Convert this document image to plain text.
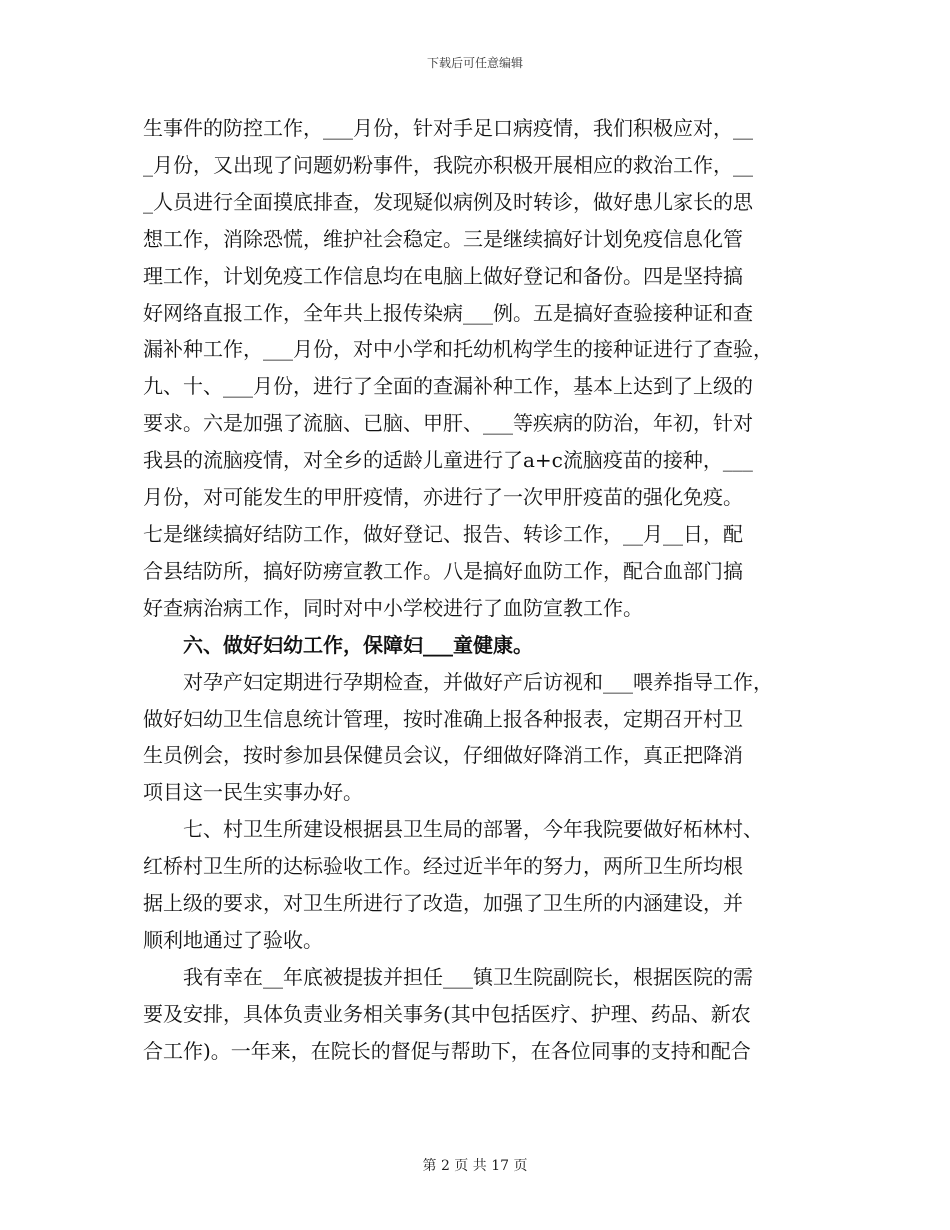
下载后可任意编辑
生事件的防控工作，___月份，针对手足口病疫情，我们积极应对，__
_月份，又出现了问题奶粉事件，我院亦积极开展相应的救治工作，__
_人员进行全面摸底排查，发现疑似病例及时转诊，做好患儿家长的思
想工作，消除恐慌，维护社会稳定。三是继续搞好计划免疫信息化管
理工作，计划免疫工作信息均在电脑上做好登记和备份。四是坚持搞
好网络直报工作，全年共上报传染病___例。五是搞好查验接种证和查
漏补种工作，___月份，对中小学和托幼机构学生的接种证进行了查验，
九、十、___月份，进行了全面的查漏补种工作，基本上达到了上级的
要求。六是加强了流脑、已脑、甲肝、___等疾病的防治，年初，针对
我县的流脑疫情，对全乡的适龄儿童进行了a+c流脑疫苗的接种，___
月份，对可能发生的甲肝疫情，亦进行了一次甲肝疫苗的强化免疫。
七是继续搞好结防工作，做好登记、报告、转诊工作，__月__日，配
合县结防所，搞好防痨宣教工作。八是搞好血防工作，配合血部门搞
好查病治病工作，同时对中小学校进行了血防宣教工作。
　　六、做好妇幼工作，保障妇___童健康。
　　对孕产妇定期进行孕期检查，并做好产后访视和___喂养指导工作，
做好妇幼卫生信息统计管理，按时准确上报各种报表，定期召开村卫
生员例会，按时参加县保健员会议，仔细做好降消工作，真正把降消
项目这一民生实事办好。
　　七、村卫生所建设根据县卫生局的部署，今年我院要做好柘林村、
红桥村卫生所的达标验收工作。经过近半年的努力，两所卫生所均根
据上级的要求，对卫生所进行了改造，加强了卫生所的内涵建设，并
顺利地通过了验收。
　　我有幸在__年底被提拔并担任___镇卫生院副院长，根据医院的需
要及安排，具体负责业务相关事务(其中包括医疗、护理、药品、新农
合工作)。一年来，在院长的督促与帮助下，在各位同事的支持和配合
第 2 页 共 17 页
